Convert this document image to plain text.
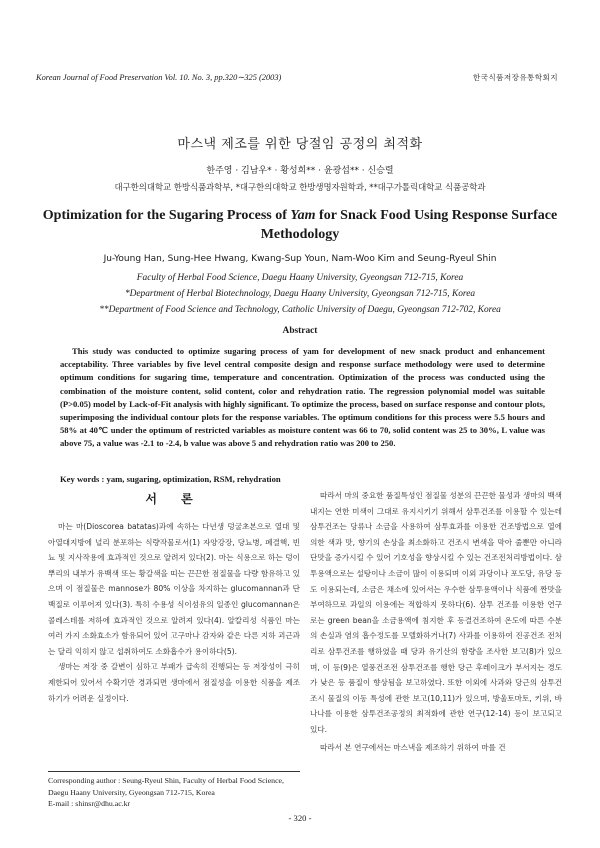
Korean Journal of Food Preservation Vol. 10. No. 3, pp.320∼325 (2003)	한국식품저장유통학회지
마스낵 제조를 위한 당절임 공정의 최적화
한주영 · 김남우* · 황성희** · 윤광섭** · 신승렬
대구한의대학교 한방식품과학부, *대구한의대학교 한방생명자원학과, **대구가톨릭대학교 식품공학과
Optimization for the Sugaring Process of Yam for Snack Food Using Response Surface Methodology
Ju-Young Han, Sung-Hee Hwang, Kwang-Sup Youn, Nam-Woo Kim and Seung-Ryeul Shin
Faculty of Herbal Food Science, Daegu Haany University, Gyeongsan 712-715, Korea
*Department of Herbal Biotechnology, Daegu Haany University, Gyeongsan 712-715, Korea
**Department of Food Science and Technology, Catholic University of Daegu, Gyeongsan 712-702, Korea
Abstract
This study was conducted to optimize sugaring process of yam for development of new snack product and enhancement acceptability. Three variables by five level central composite design and response surface methodology were used to determine optimum conditions for sugaring time, temperature and concentration. Optimization of the process was conducted using the combination of the moisture content, solid content, color and rehydration ratio. The regression polynomial model was suitable (P>0.05) model by Lack-of-Fit analysis with highly significant. To optimize the process, based on surface response and contour plots, superimposing the individual contour plots for the response variables. The optimum conditions for this process were 5.5 hours and 58% at 40℃ under the optimum of restricted variables as moisture content was 66 to 70, solid content was 25 to 30%, L value was above 75, a value was -2.1 to -2.4, b value was above 5 and rehydration ratio was 200 to 250.
Key words : yam, sugaring, optimization, RSM, rehydration
서 론

마는 마(Dioscorea batatas)과에 속하는 다년생 덩굴초본으로 열대 및 아열대지방에 널리 분포하는 식량작물로서(1) 자양강장, 당뇨병, 폐결핵, 빈뇨 및 지사작용에 효과적인 것으로 알려져 있다(2). 마는 식용으로 하는 덩이뿌리의 내부가 유백색 또는 황갈색을 띠는 끈끈한 점질물을 다량 함유하고 있으며 이 점질물은 mannose가 80% 이상을 차지하는 glucomannan과 단백질로 이루어져 있다(3). 특히 수용성 식이섬유의 일종인 glucomannan은 콜레스테롤 저하에 효과적인 것으로 알려져 있다(4). 알칼리성 식품인 마는 여러 가지 소화효소가 함유되어 있어 고구마나 감자와 같은 다른 지하 괴근과는 달리 익히지 않고 섭취하여도 소화흡수가 용이하다(5).

생마는 저장 중 갈변이 심하고 부패가 급속히 진행되는 등 저장성이 극히 제한되어 있어서 수확기만 경과되면 생마에서 점질성을 이용한 식품을 제조하기가 어려운 실정이다.

따라서 마의 중요한 품질특성인 점질물 성분의 끈끈한 물성과 생마의 백색 내지는 연한 미색이 그대로 유지시키기 위해서 삼투건조를 이용할 수 있는데 삼투건조는 당류나 소금을 사용하여 삼투효과를 이용한 건조방법으로 열에 의한 색과 맛, 향기의 손상을 최소화하고 건조시 변색을 막아 줄뿐만 아니라 단맛을 증가시킬 수 있어 기호성을 향상시킬 수 있는 건조전처리방법이다. 삼투용액으로는 설탕이나 소금이 많이 이용되며 이외 과당이나 포도당, 유당 등도 이용되는데, 소금은 채소에 있어서는 우수한 삼투용액이나 식품에 짠맛을 부여하므로 과일의 이용에는 적합하지 못하다(6). 삼투 건조를 이용한 연구로는 green bean을 소금용액에 침지한 후 동결건조하여 온도에 따른 수분의 손실과 염의 흡수정도를 모델화하거나(7) 사과를 이용하여 진공건조 전처리로 삼투건조를 행하였을 때 당과 유기산의 함량을 조사한 보고(8)가 있으며, 이 등(9)은 열풍건조전 삼투건조를 행한 당근 후레이크가 부서지는 경도가 낮은 등 품질이 향상됨을 보고하였다. 또한 이외에 사과와 당근의 삼투건조시 물질의 이동 특성에 관한 보고(10,11)가 있으며, 방울토마토, 키위, 바나나를 이용한 삼투건조공정의 최적화에 관한 연구(12-14) 등이 보고되고 있다.

따라서 본 연구에서는 마스낵을 제조하기 위하여 마를 건

Corresponding author : Seung-Ryeul Shin, Faculty of Herbal Food Science, Daegu Haany University, Gyeongsan 712-715, Korea
E-mail : shinsr@dhu.ac.kr
- 320 -
